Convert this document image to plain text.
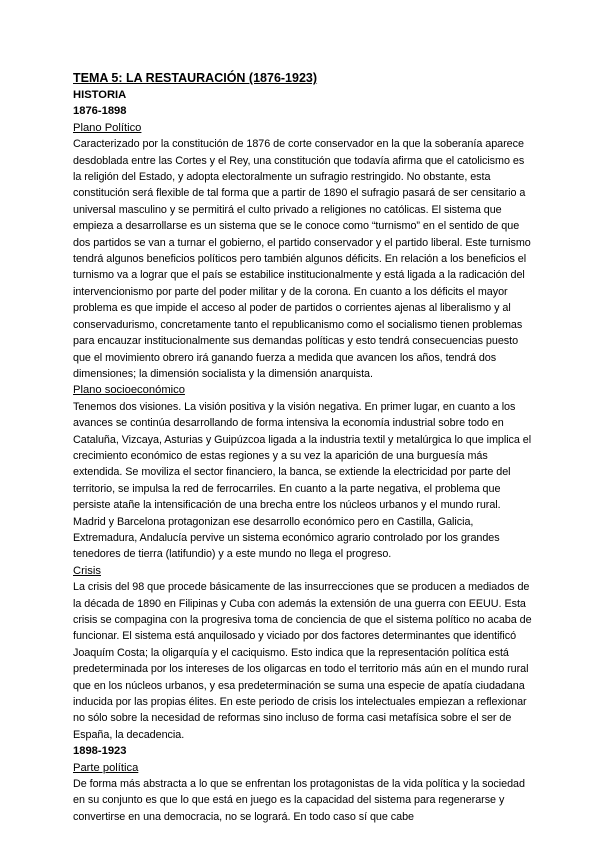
TEMA 5: LA RESTAURACIÓN (1876-1923)

HISTORIA

1876-1898

Plano Político

Caracterizado por la constitución de 1876 de corte conservador en la que la soberanía aparece desdoblada entre las Cortes y el Rey, una constitución que todavía afirma que el catolicismo es la religión del Estado, y adopta electoralmente un sufragio restringido. No obstante, esta constitución será flexible de tal forma que a partir de 1890 el sufragio pasará de ser censitario a universal masculino y se permitirá el culto privado a religiones no católicas. El sistema que empieza a desarrollarse es un sistema que se le conoce como “turnismo” en el sentido de que dos partidos se van a turnar el gobierno, el partido conservador y el partido liberal. Este turnismo tendrá algunos beneficios políticos pero también algunos déficits. En relación a los beneficios el turnismo va a lograr que el país se estabilice institucionalmente y está ligada a la radicación del intervencionismo por parte del poder militar y de la corona. En cuanto a los déficits el mayor problema es que impide el acceso al poder de partidos o corrientes ajenas al liberalismo y al conservadurismo, concretamente tanto el republicanismo como el socialismo tienen problemas para encauzar institucionalmente sus demandas políticas y esto tendrá consecuencias puesto que el movimiento obrero irá ganando fuerza a medida que avancen los años, tendrá dos dimensiones; la dimensión socialista y la dimensión anarquista.

Plano socioeconómico

Tenemos dos visiones. La visión positiva y la visión negativa. En primer lugar, en cuanto a los avances se continúa desarrollando de forma intensiva la economía industrial sobre todo en Cataluña, Vizcaya, Asturias y Guipúzcoa ligada a la industria textil y metalúrgica lo que implica el crecimiento económico de estas regiones y a su vez la aparición de una burguesía más extendida. Se moviliza el sector financiero, la banca, se extiende la electricidad por parte del territorio, se impulsa la red de ferrocarriles. En cuanto a la parte negativa, el problema que persiste atañe la intensificación de una brecha entre los núcleos urbanos y el mundo rural. Madrid y Barcelona protagonizan ese desarrollo económico pero en Castilla, Galicia, Extremadura, Andalucía pervive un sistema económico agrario controlado por los grandes tenedores de tierra (latifundio) y a este mundo no llega el progreso.

Crisis

La crisis del 98 que procede básicamente de las insurrecciones que se producen a mediados de la década de 1890 en Filipinas y Cuba con además la extensión de una guerra con EEUU. Esta crisis se compagina con la progresiva toma de conciencia de que el sistema político no acaba de funcionar. El sistema está anquilosado y viciado por dos factores determinantes que identificó Joaquím Costa; la oligarquía y el caciquismo. Esto indica que la representación política está predeterminada por los intereses de los oligarcas en todo el territorio más aún en el mundo rural que en los núcleos urbanos, y esa predeterminación se suma una especie de apatía ciudadana inducida por las propias élites. En este periodo de crisis los intelectuales empiezan a reflexionar no sólo sobre la necesidad de reformas sino incluso de forma casi metafísica sobre el ser de España, la decadencia.

1898-1923

Parte política

De forma más abstracta a lo que se enfrentan los protagonistas de la vida política y la sociedad en su conjunto es que lo que está en juego es la capacidad del sistema para regenerarse y convertirse en una democracia, no se logrará. En todo caso sí que cabe
